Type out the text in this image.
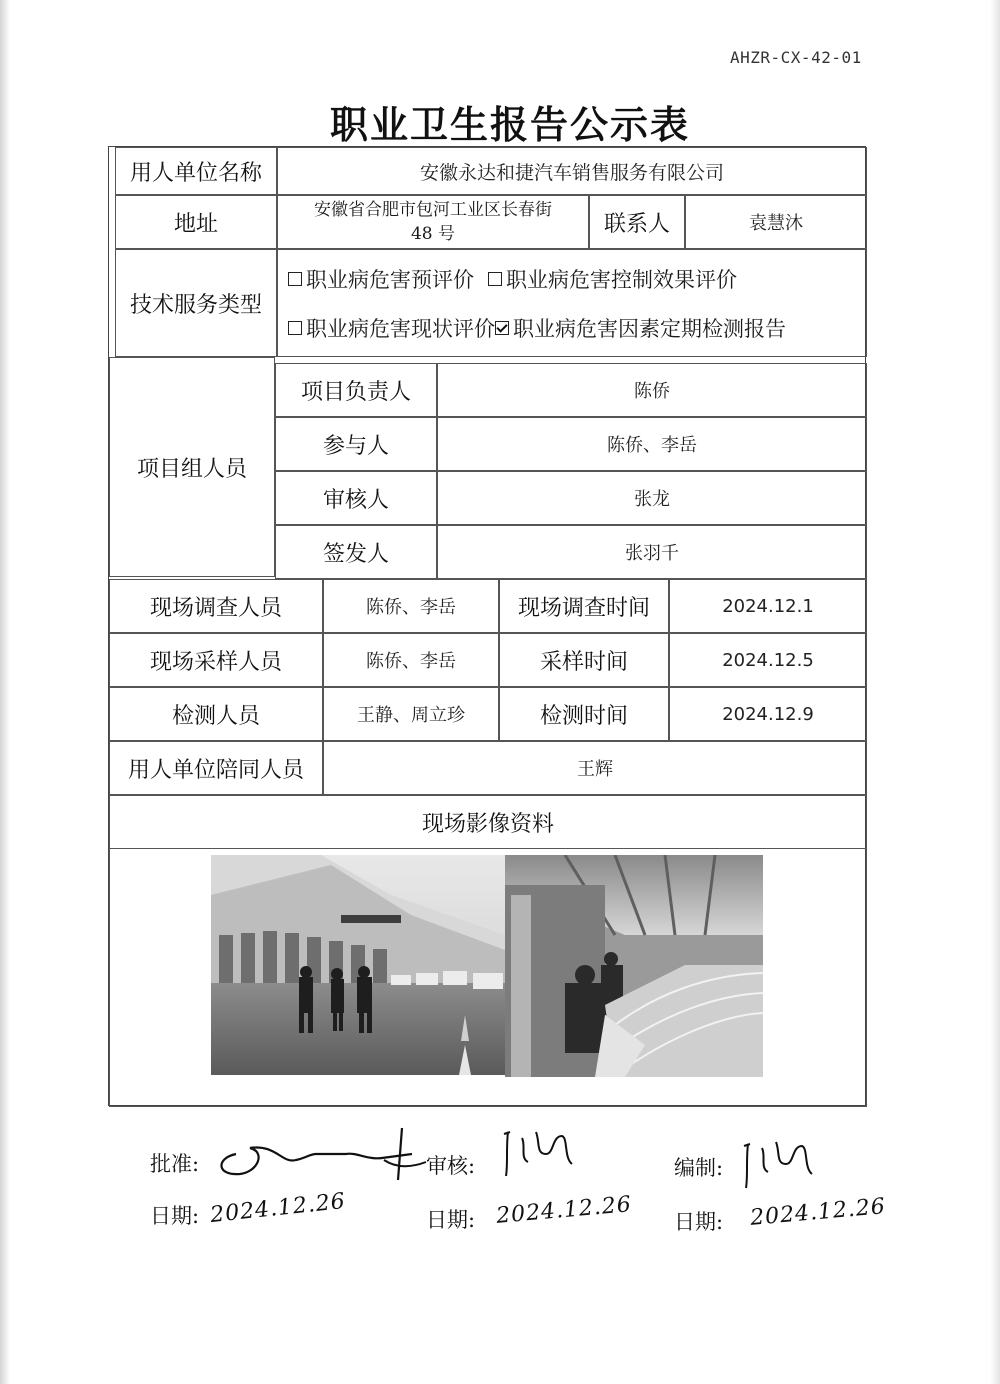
AHZR-CX-42-01
职业卫生报告公示表
用人单位名称	安徽永达和捷汽车销售服务有限公司
地址
安徽省合肥市包河工业区长春街
48 号	联系人	袁慧沐
技术服务类型
职业病危害预评价 职业病危害控制效果评价
职业病危害现状评价 职业病危害因素定期检测报告
项目组人员
项目负责人	陈侨
参与人	陈侨、李岳
审核人	张龙
签发人	张羽千
现场调查人员	陈侨、李岳	现场调查时间	2024.12.1
现场采样人员	陈侨、李岳	采样时间	2024.12.5
检测人员	王静、周立珍	检测时间	2024.12.9
用人单位陪同人员	王辉
现场影像资料
批准:	审核:	编制:
日期: 2024.12.26	日期: 2024.12.26 日期: 2024.12.26
